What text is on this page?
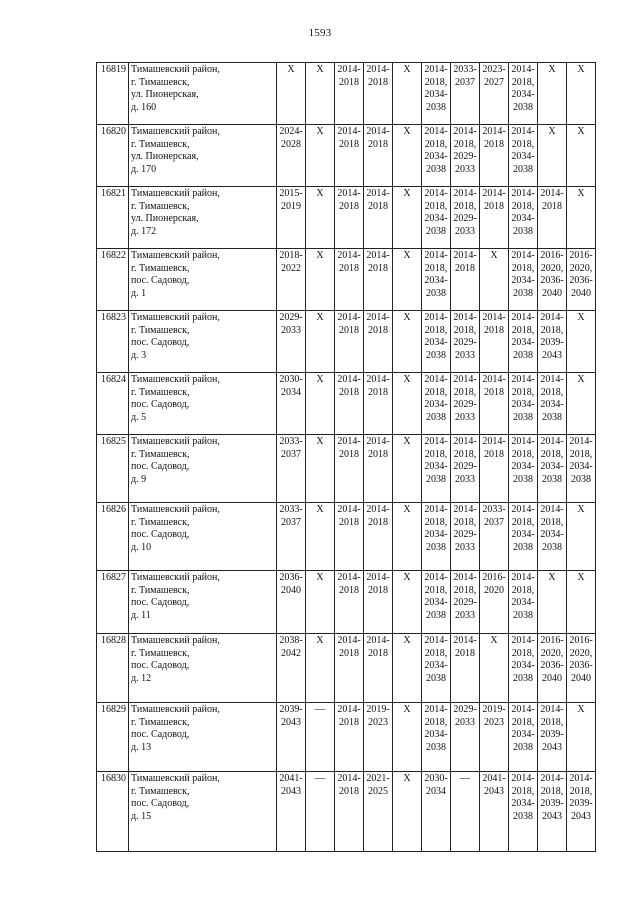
1593
16819	Тимашевский район,
г. Тимашевск,
ул. Пионерская,
д. 160	X	X	2014-
2018	2014-
2018	X	2014-
2018,
2034-
2038	2033-
2037	2023-
2027	2014-
2018,
2034-
2038	X	X

16820	Тимашевский район,
г. Тимашевск,
ул. Пионерская,
д. 170	2024-
2028	X	2014-
2018	2014-
2018	X	2014-
2018,
2034-
2038	2014-
2018,
2029-
2033	2014-
2018	2014-
2018,
2034-
2038	X	X

16821	Тимашевский район,
г. Тимашевск,
ул. Пионерская,
д. 172	2015-
2019	X	2014-
2018	2014-
2018	X	2014-
2018,
2034-
2038	2014-
2018,
2029-
2033	2014-
2018	2014-
2018,
2034-
2038	2014-
2018	X

16822	Тимашевский район,
г. Тимашевск,
пос. Садовод,
д. 1	2018-
2022	X	2014-
2018	2014-
2018	X	2014-
2018,
2034-
2038	2014-
2018	X	2014-
2018,
2034-
2038	2016-
2020,
2036-
2040	2016-
2020,
2036-
2040

16823	Тимашевский район,
г. Тимашевск,
пос. Садовод,
д. 3	2029-
2033	X	2014-
2018	2014-
2018	X	2014-
2018,
2034-
2038	2014-
2018,
2029-
2033	2014-
2018	2014-
2018,
2034-
2038	2014-
2018,
2039-
2043	X

16824	Тимашевский район,
г. Тимашевск,
пос. Садовод,
д. 5	2030-
2034	X	2014-
2018	2014-
2018	X	2014-
2018,
2034-
2038	2014-
2018,
2029-
2033	2014-
2018	2014-
2018,
2034-
2038	2014-
2018,
2034-
2038	X

16825	Тимашевский район,
г. Тимашевск,
пос. Садовод,
д. 9	2033-
2037	X	2014-
2018	2014-
2018	X	2014-
2018,
2034-
2038	2014-
2018,
2029-
2033	2014-
2018	2014-
2018,
2034-
2038	2014-
2018,
2034-
2038	2014-
2018,
2034-
2038

16826	Тимашевский район,
г. Тимашевск,
пос. Садовод,
д. 10	2033-
2037	X	2014-
2018	2014-
2018	X	2014-
2018,
2034-
2038	2014-
2018,
2029-
2033	2033-
2037	2014-
2018,
2034-
2038	2014-
2018,
2034-
2038	X

16827	Тимашевский район,
г. Тимашевск,
пос. Садовод,
д. 11	2036-
2040	X	2014-
2018	2014-
2018	X	2014-
2018,
2034-
2038	2014-
2018,
2029-
2033	2016-
2020	2014-
2018,
2034-
2038	X	X

16828	Тимашевский район,
г. Тимашевск,
пос. Садовод,
д. 12	2038-
2042	X	2014-
2018	2014-
2018	X	2014-
2018,
2034-
2038	2014-
2018	X	2014-
2018,
2034-
2038	2016-
2020,
2036-
2040	2016-
2020,
2036-
2040

16829	Тимашевский район,
г. Тимашевск,
пос. Садовод,
д. 13	2039-
2043	—	2014-
2018	2019-
2023	X	2014-
2018,
2034-
2038	2029-
2033	2019-
2023	2014-
2018,
2034-
2038	2014-
2018,
2039-
2043	X

16830	Тимашевский район,
г. Тимашевск,
пос. Садовод,
д. 15	2041-
2043	—	2014-
2018	2021-
2025	X	2030-
2034	—	2041-
2043	2014-
2018,
2034-
2038	2014-
2018,
2039-
2043	2014-
2018,
2039-
2043
